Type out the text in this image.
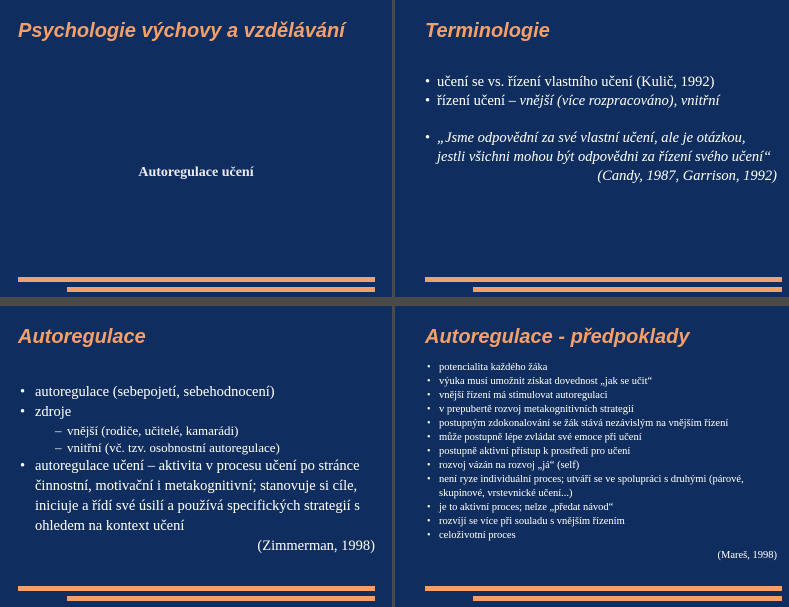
Psychologie výchovy a vzdělávání
Autoregulace učení
Terminologie
• učení se vs. řízení vlastního učení (Kulič, 1992)
• řízení učení – vnější (více rozpracováno), vnitřní
• „Jsme odpovědní za své vlastní učení, ale je otázkou, jestli všichni mohou být odpovědni za řízení svého učení“
(Candy, 1987, Garrison, 1992)
Autoregulace
• autoregulace (sebepojetí, sebehodnocení)
• zdroje
– vnější (rodiče, učitelé, kamarádi)
– vnitřní (vč. tzv. osobnostní autoregulace)
• autoregulace učení – aktivita v procesu učení po stránce činnostní, motivační i metakognitivní; stanovuje si cíle, iniciuje a řídí své úsilí a používá specifických strategií s ohledem na kontext učení
(Zimmerman, 1998)
Autoregulace - předpoklady
• potencialita každého žáka
• výuka musí umožnit získat dovednost „jak se učit“
• vnější řízení má stimulovat autoregulaci
• v prepubertě rozvoj metakognitivních strategií
• postupným zdokonalování se žák stává nezávislým na vnějším řízení
• může postupně lépe zvládat své emoce při učení
• postupně aktivní přístup k prostředí pro učení
• rozvoj vázán na rozvoj „já“ (self)
• není ryze individuální proces; utváří se ve spolupráci s druhými (párové, skupinové, vrstevnické učení...)
• je to aktivní proces; nelze „předat návod“
• rozvíjí se více při souladu s vnějším řízením
• celoživotní proces
(Mareš, 1998)
